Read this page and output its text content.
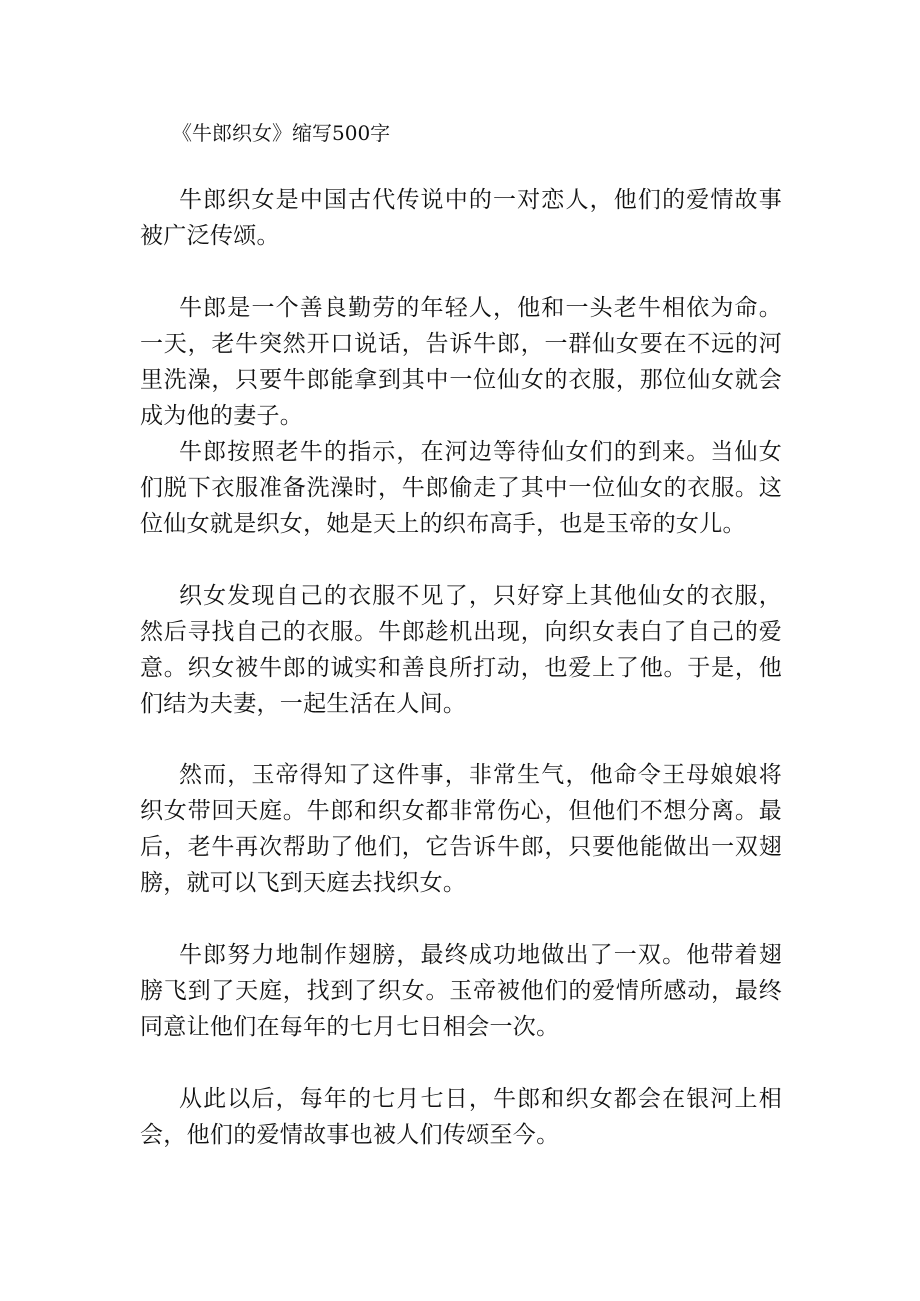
《牛郎织女》缩写500字

牛郎织女是中国古代传说中的一对恋人，他们的爱情故事被广泛传颂。

牛郎是一个善良勤劳的年轻人，他和一头老牛相依为命。一天，老牛突然开口说话，告诉牛郎，一群仙女要在不远的河里洗澡，只要牛郎能拿到其中一位仙女的衣服，那位仙女就会成为他的妻子。

牛郎按照老牛的指示，在河边等待仙女们的到来。当仙女们脱下衣服准备洗澡时，牛郎偷走了其中一位仙女的衣服。这位仙女就是织女，她是天上的织布高手，也是玉帝的女儿。

织女发现自己的衣服不见了，只好穿上其他仙女的衣服，然后寻找自己的衣服。牛郎趁机出现，向织女表白了自己的爱意。织女被牛郎的诚实和善良所打动，也爱上了他。于是，他们结为夫妻，一起生活在人间。

然而，玉帝得知了这件事，非常生气，他命令王母娘娘将织女带回天庭。牛郎和织女都非常伤心，但他们不想分离。最后，老牛再次帮助了他们，它告诉牛郎，只要他能做出一双翅膀，就可以飞到天庭去找织女。

牛郎努力地制作翅膀，最终成功地做出了一双。他带着翅膀飞到了天庭，找到了织女。玉帝被他们的爱情所感动，最终同意让他们在每年的七月七日相会一次。

从此以后，每年的七月七日，牛郎和织女都会在银河上相会，他们的爱情故事也被人们传颂至今。
